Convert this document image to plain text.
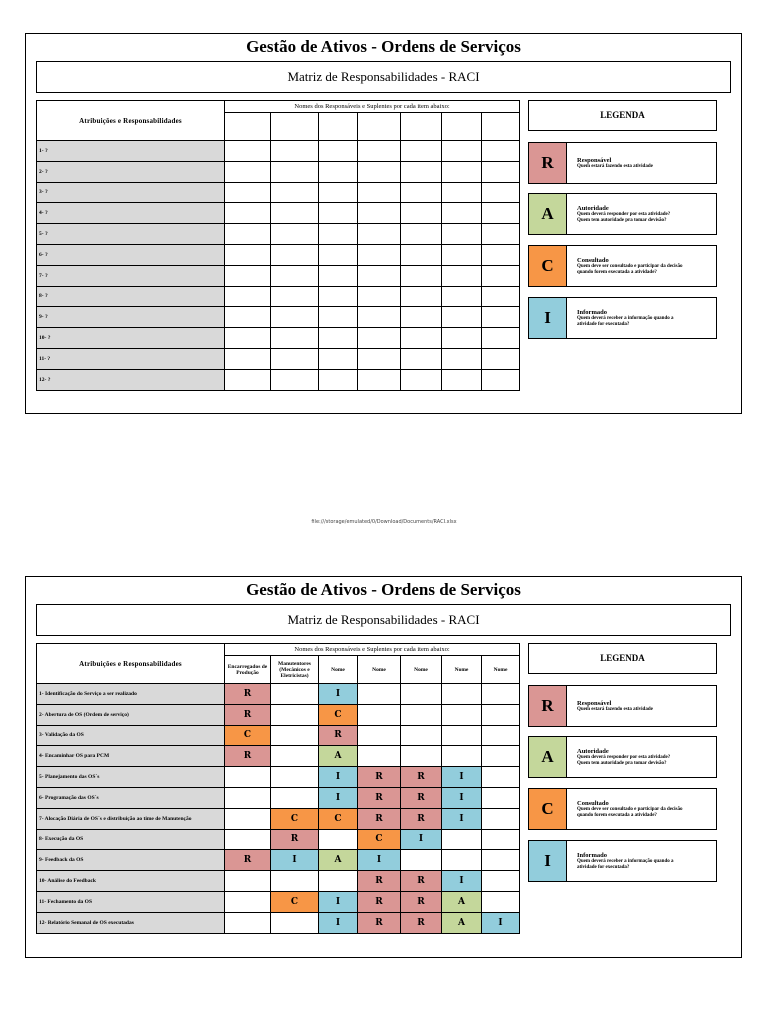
Gestão de Ativos - Ordens de Serviços
Matriz de Responsabilidades - RACI
Atribuições e Responsabilidades	Nomes dos Responsáveis e Suplentes por cada item abaixo:						

1- ?							
2- ?							
3- ?							
4- ?							
5- ?							
6- ?							
7- ?							
8- ?							
9- ?							
10- ?							
11- ?							
12- ?							
LEGENDA
R	Responsável
Quem estará fazendo esta atividade
A	Autoridade
Quem deverá responder por esta atividade?
Quem tem autoridade pra tomar devisão?
C	Consultado
Quem deve ser consultado e participar da decisão
quando forem executada a atividade?
I	Informado
Quem deverá receber a informação quando a
atividade for executada?
file:///storage/emulated/0/Download/Documents/RACI.xlsx
Gestão de Ativos - Ordens de Serviços
Matriz de Responsabilidades - RACI
Atribuições e Responsabilidades	Nomes dos Responsáveis e Suplentes por cada item abaixo:						
	Encarregados de Produção	Manutentores (Mecânicos e Eletricistas)	Nome	Nome	Nome	Nome	Nome
1- Identificação do Serviço a ser realizado	R		I				
2- Abertura de OS (Ordem de serviço)	R		C				
3- Validação da OS	C		R				
4- Encaminhar OS para PCM	R		A				
5- Planejamento das OS´s			I	R	R	I	
6- Programação das OS´s			I	R	R	I	
7- Alocação Diária de OS´s e distribuição ao time de Manutenção		C	C	R	R	I	
8- Execução da OS		R		C	I		
9- Feedback da OS	R	I	A	I			
10- Análise do Feedback				R	R	I	
11- Fechamento da OS		C	I	R	R	A	
12- Relatório Semanal de OS executadas			I	R	R	A	I
LEGENDA
R	Responsável
Quem estará fazendo esta atividade
A	Autoridade
Quem deverá responder por esta atividade?
Quem tem autoridade pra tomar devisão?
C	Consultado
Quem deve ser consultado e participar da decisão
quando forem executada a atividade?
I	Informado
Quem deverá receber a informação quando a
atividade for executada?
